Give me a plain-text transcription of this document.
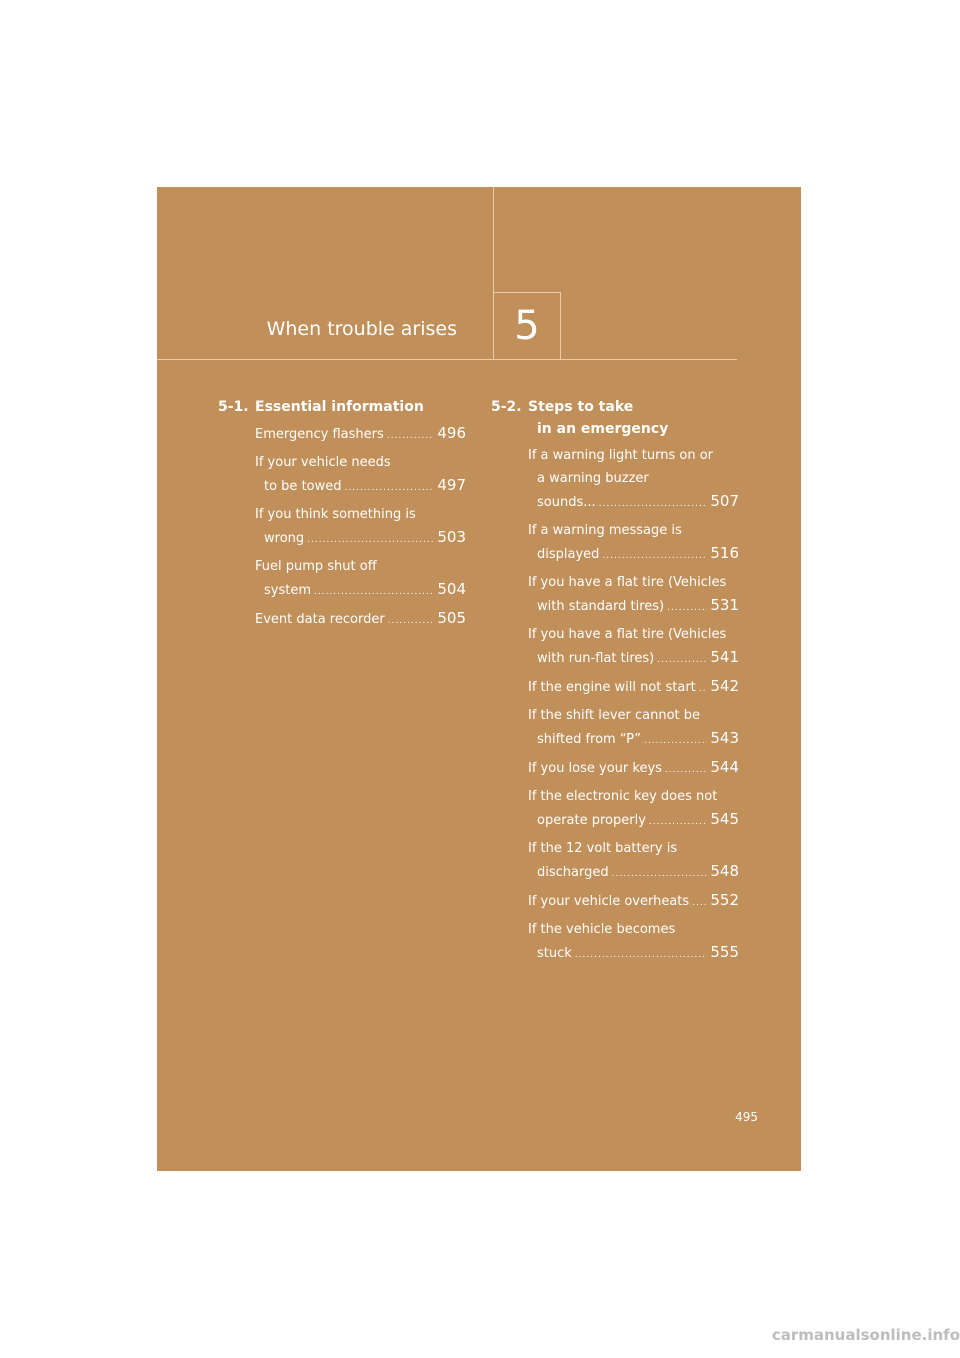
5
When trouble arises
5-1. Essential information
Emergency flashers .....	496
If your vehicle needs
to be towed .....	497
If you think something is
wrong .....	503
Fuel pump shut off
system .....	504
Event data recorder .....	505
5-2. Steps to take
in an emergency
If a warning light turns on or
a warning buzzer
sounds... .....	507
If a warning message is
displayed .....	516
If you have a flat tire (Vehicles
with standard tires) .....	531
If you have a flat tire (Vehicles
with run-flat tires) .....	541
If the engine will not start ..... 542
If the shift lever cannot be
shifted from “P” .....	543
If you lose your keys .....	544
If the electronic key does not
operate properly .....	545
If the 12 volt battery is
discharged .....	548
If your vehicle overheats ..... 552
If the vehicle becomes
stuck .....	555
495
carmanualsonline.info
